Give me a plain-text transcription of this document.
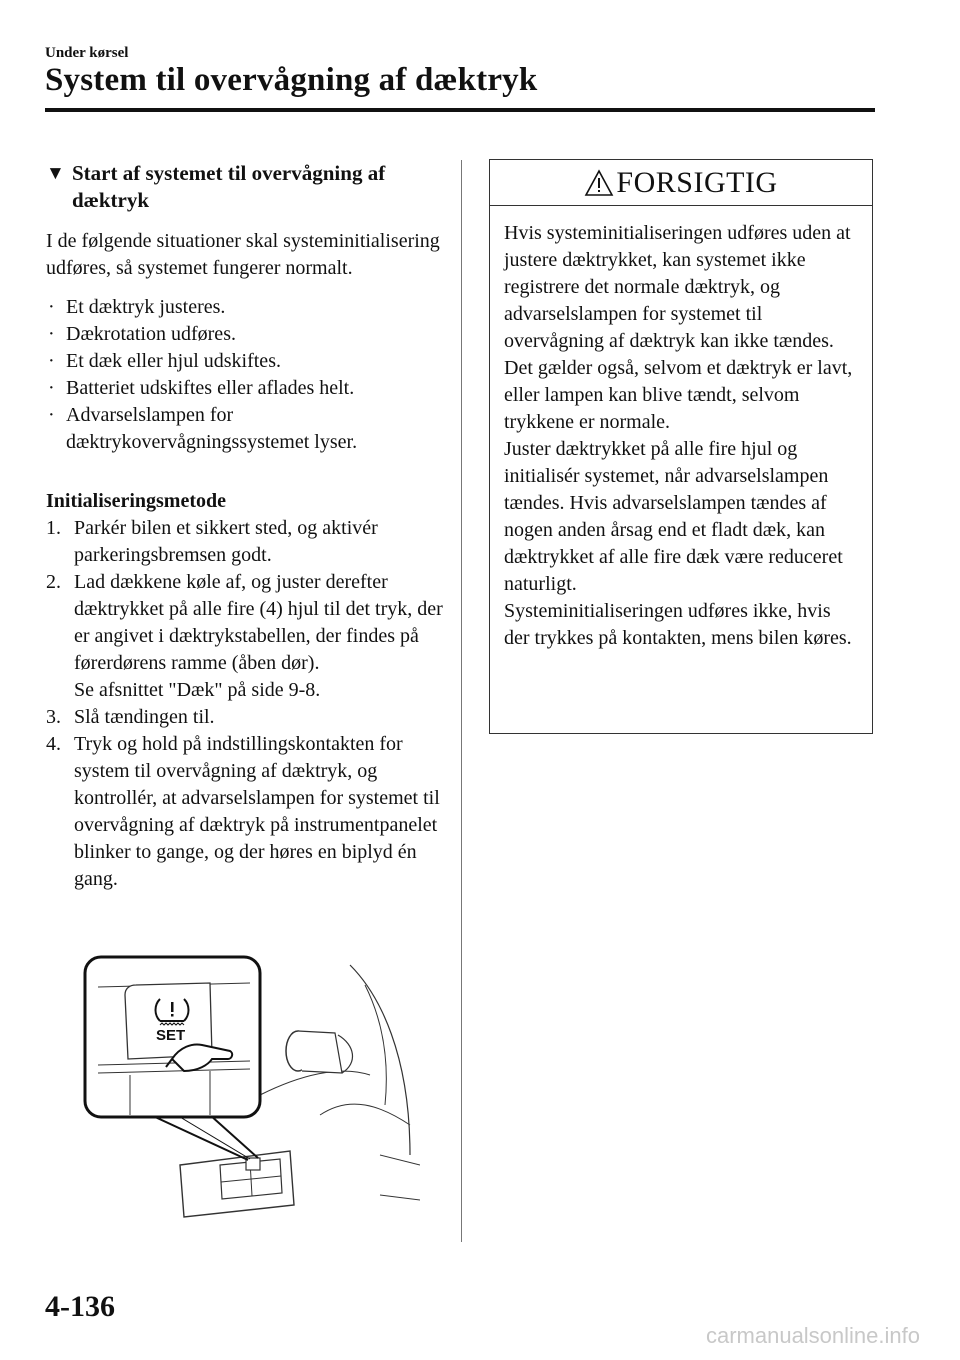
Under kørsel
System til overvågning af dæktryk
▼ Start af systemet til overvågning af dæktryk

I de følgende situationer skal systeminitialisering udføres, så systemet fungerer normalt.

· Et dæktryk justeres.
· Dækrotation udføres.
· Et dæk eller hjul udskiftes.
· Batteriet udskiftes eller aflades helt.
· Advarselslampen for dæktrykovervågningssystemet lyser.
Initialiseringsmetode
1. Parkér bilen et sikkert sted, og aktivér parkeringsbremsen godt.
2. Lad dækkene køle af, og juster derefter dæktrykket på alle fire (4) hjul til det tryk, der er angivet i dæktrykstabellen, der findes på førerdørens ramme (åben dør).
Se afsnittet "Dæk" på side 9-8.
3. Slå tændingen til.
4. Tryk og hold på indstillingskontakten for system til overvågning af dæktryk, og kontrollér, at advarselslampen for systemet til overvågning af dæktryk på instrumentpanelet blinker to gange, og der høres en biplyd én gang.
FORSIGTIG
Hvis systeminitialiseringen udføres uden at justere dæktrykket, kan systemet ikke registrere det normale dæktryk, og advarselslampen for systemet til overvågning af dæktryk kan ikke tændes. Det gælder også, selvom et dæktryk er lavt, eller lampen kan blive tændt, selvom trykkene er normale.
Juster dæktrykket på alle fire hjul og initialisér systemet, når advarselslampen tændes. Hvis advarselslampen tændes af nogen anden årsag end et fladt dæk, kan dæktrykket af alle fire dæk være reduceret naturligt.
Systeminitialiseringen udføres ikke, hvis der trykkes på kontakten, mens bilen køres.
SET
4-136
carmanualsonline.info
